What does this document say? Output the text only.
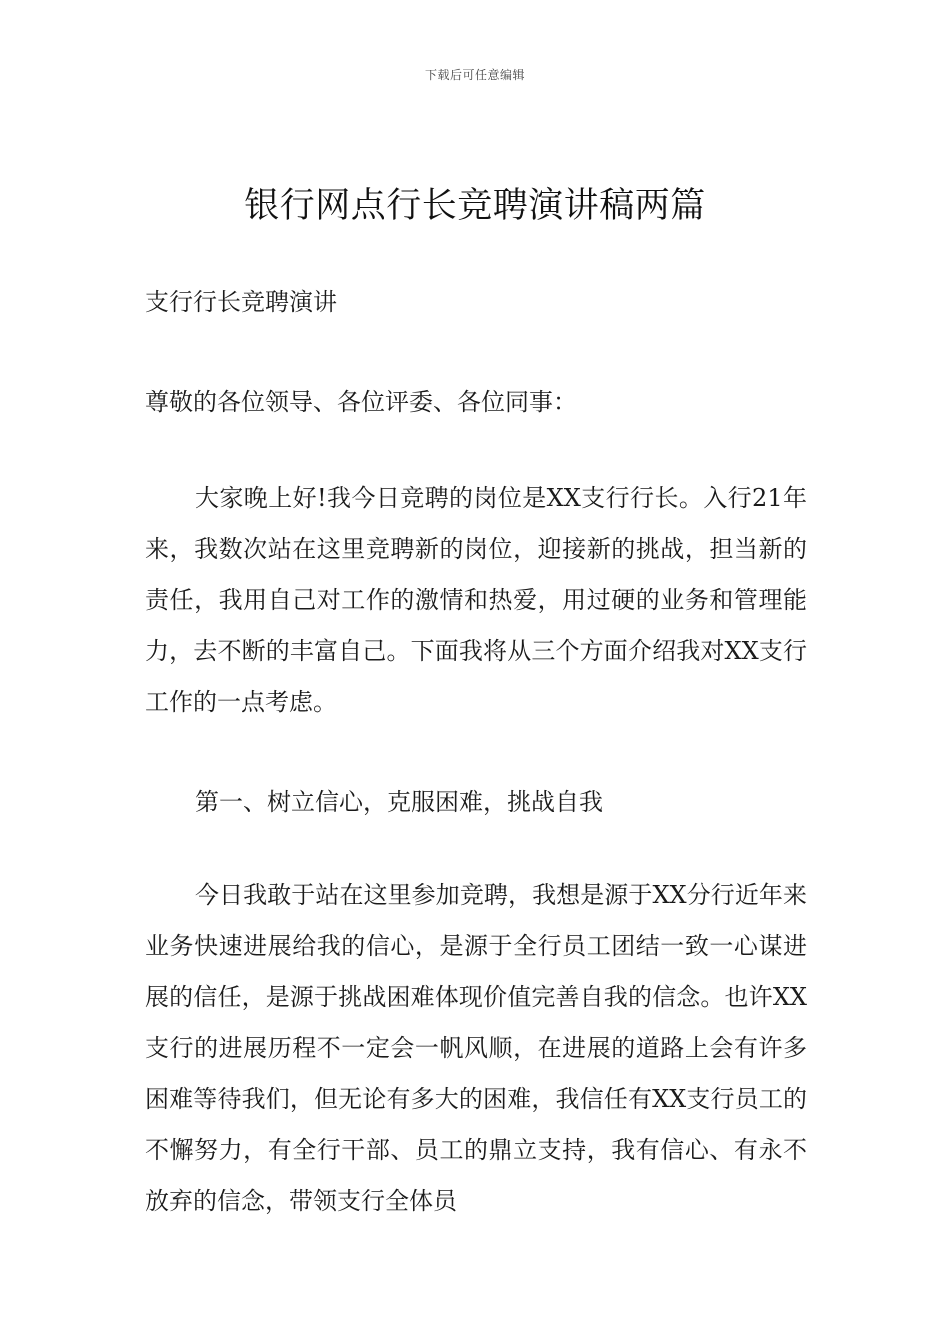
下载后可任意编辑
银行网点行长竞聘演讲稿两篇
支行行长竞聘演讲
尊敬的各位领导、各位评委、各位同事：

大家晚上好!我今日竞聘的岗位是XX支行行长。入行21年来，我数次站在这里竞聘新的岗位，迎接新的挑战，担当新的责任，我用自己对工作的激情和热爱，用过硬的业务和管理能力，去不断的丰富自己。下面我将从三个方面介绍我对XX支行工作的一点考虑。

第一、树立信心，克服困难，挑战自我

今日我敢于站在这里参加竞聘，我想是源于XX分行近年来业务快速进展给我的信心，是源于全行员工团结一致一心谋进展的信任，是源于挑战困难体现价值完善自我的信念。也许XX支行的进展历程不一定会一帆风顺，在进展的道路上会有许多困难等待我们，但无论有多大的困难，我信任有XX支行员工的不懈努力，有全行干部、员工的鼎立支持，我有信心、有永不放弃的信念，带领支行全体员
